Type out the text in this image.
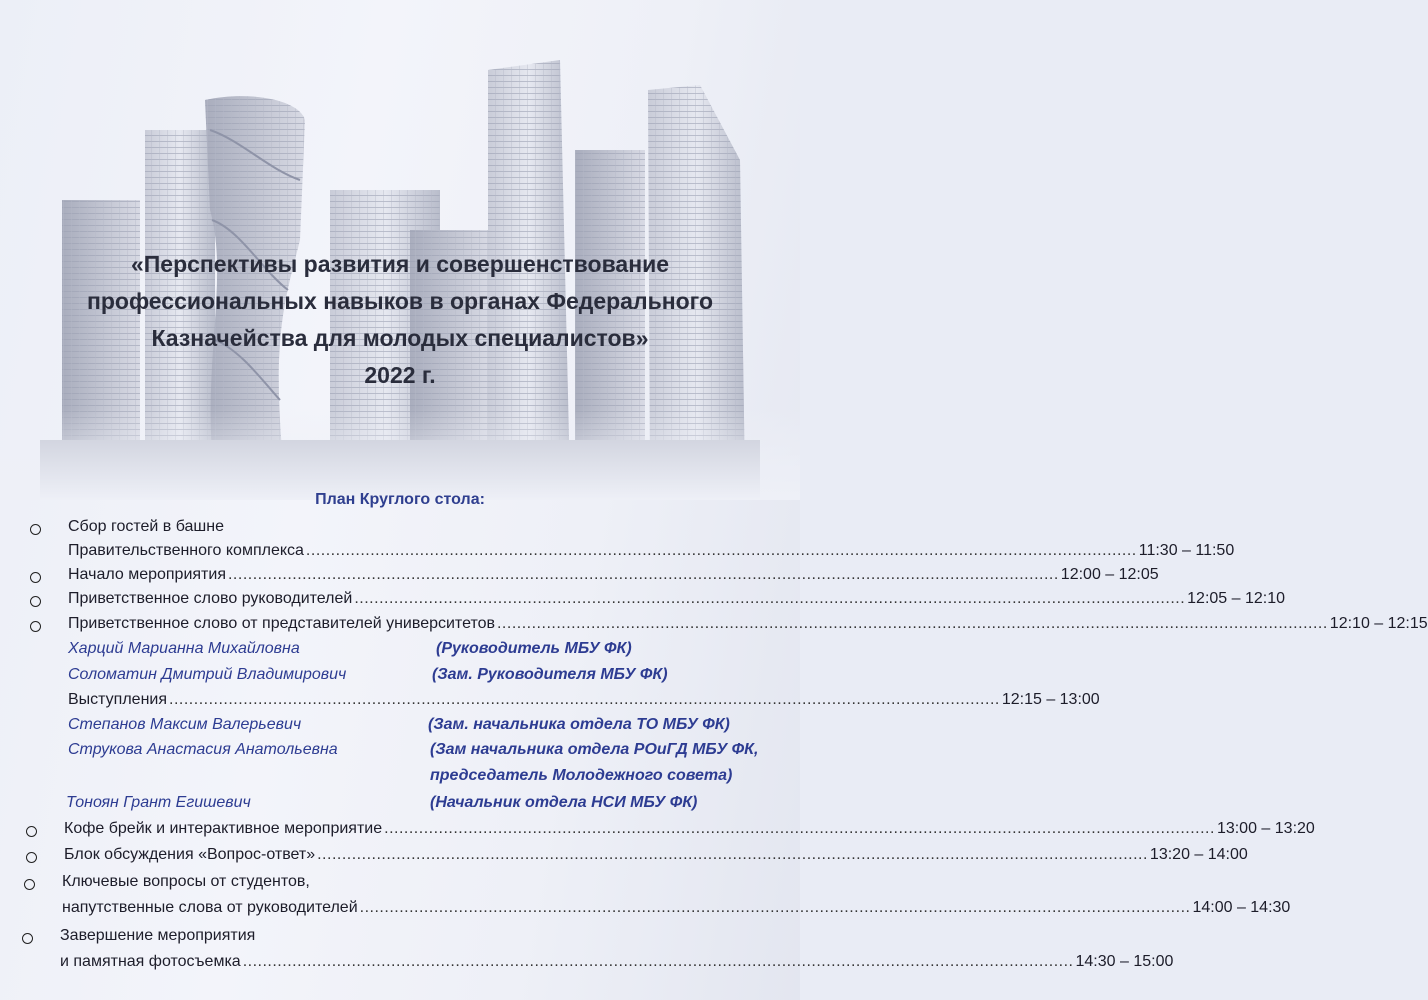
«Перспективы развития и совершенствование
профессиональных навыков в органах Федерального
Казначейства для молодых специалистов»
2022 г.
План Круглого стола:
Сбор гостей в башне
Правительственного комплекса ........................................................................................................................................................................ 11:30 – 11:50
Начало мероприятия ........................................................................................................................................................................ 12:00 – 12:05
Приветственное слово руководителей ........................................................................................................................................................................ 12:05 – 12:10
Приветственное слово от представителей университетов ........................................................................................................................................................................ 12:10 – 12:15
Харций Марианна Михайловна	(Руководитель МБУ ФК)
Соломатин Дмитрий Владимирович	(Зам. Руководителя МБУ ФК)
Выступления ........................................................................................................................................................................ 12:15 – 13:00
Степанов Максим Валерьевич	(Зам. начальника отдела ТО МБУ ФК)
Струкова Анастасия Анатольевна	(Зам начальника отдела РОиГД МБУ ФК,
председатель Молодежного совета)
Тоноян Грант Егишевич	(Начальник отдела НСИ МБУ ФК)
Кофе брейк и интерактивное мероприятие ........................................................................................................................................................................ 13:00 – 13:20
Блок обсуждения «Вопрос-ответ» ........................................................................................................................................................................ 13:20 – 14:00
Ключевые вопросы от студентов,
напутственные слова от руководителей ........................................................................................................................................................................ 14:00 – 14:30
Завершение мероприятия
и памятная фотосъемка ........................................................................................................................................................................ 14:30 – 15:00
